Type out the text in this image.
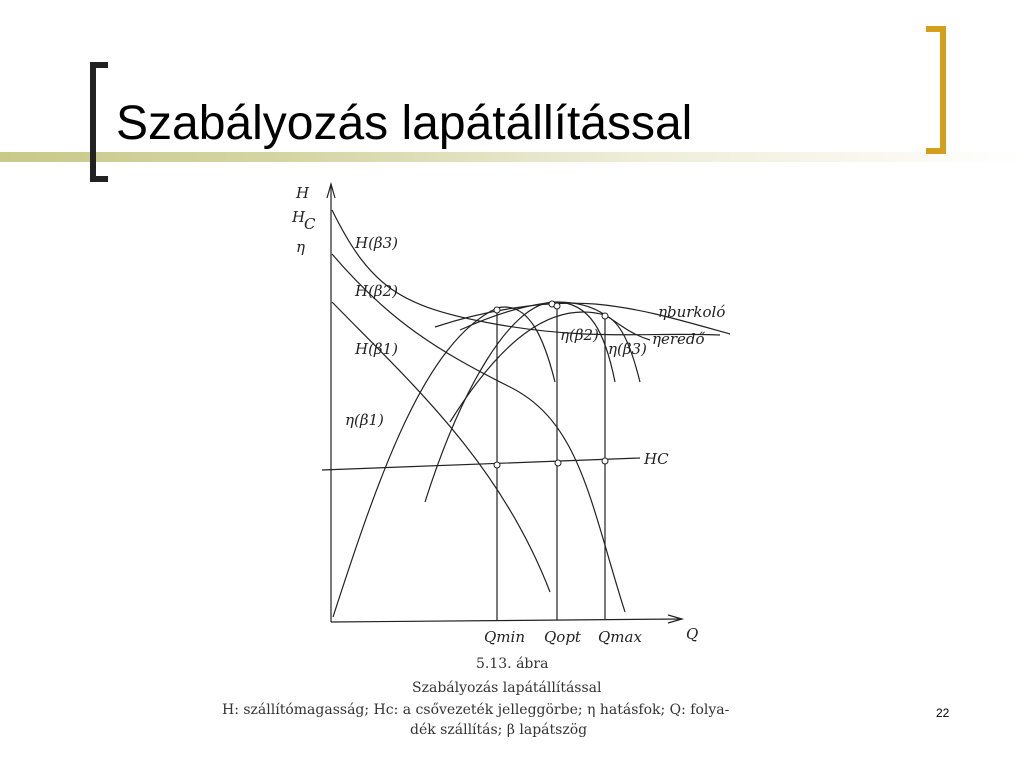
Szabályozás lapátállítással
H
H
C
η
Q
H(β3)
H(β2)
H(β1)
η(β1)
η(β2)
η(β3)
ηburkoló
ηeredő
HC
Qmin Qopt Qmax
5.13. ábra
Szabályozás lapátállítással
H: szállítómagasság; Hc: a csővezeték jelleggörbe; η hatásfok; Q: folya-
dék szállítás; β lapátszög
22
